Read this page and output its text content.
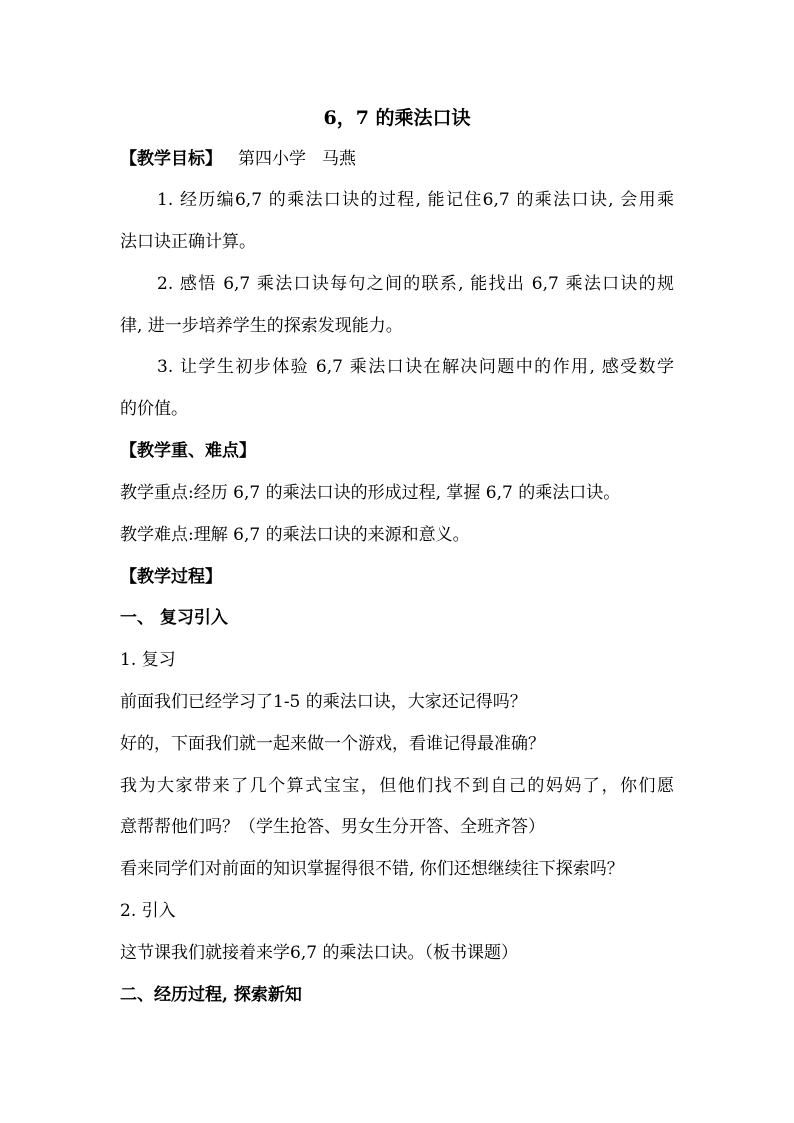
6，7 的乘法口诀
【教学目标】 第四小学 马燕
1. 经历编6,7 的乘法口诀的过程, 能记住6,7 的乘法口诀, 会用乘
法口诀正确计算。
2. 感悟 6,7 乘法口诀每句之间的联系, 能找出 6,7 乘法口诀的规
律, 进一步培养学生的探索发现能力。
3. 让学生初步体验 6,7 乘法口诀在解决问题中的作用, 感受数学
的价值。
【教学重、难点】
教学重点:经历 6,7 的乘法口诀的形成过程, 掌握 6,7 的乘法口诀。
教学难点:理解 6,7 的乘法口诀的来源和意义。
【教学过程】
一、 复习引入
1. 复习
前面我们已经学习了1-5 的乘法口诀，大家还记得吗？
好的，下面我们就一起来做一个游戏，看谁记得最准确？
我为大家带来了几个算式宝宝，但他们找不到自己的妈妈了，你们愿
意帮帮他们吗？（学生抢答、男女生分开答、全班齐答）
看来同学们对前面的知识掌握得很不错, 你们还想继续往下探索吗？
2. 引入
这节课我们就接着来学6,7 的乘法口诀。（板书课题）
二、经历过程, 探索新知
